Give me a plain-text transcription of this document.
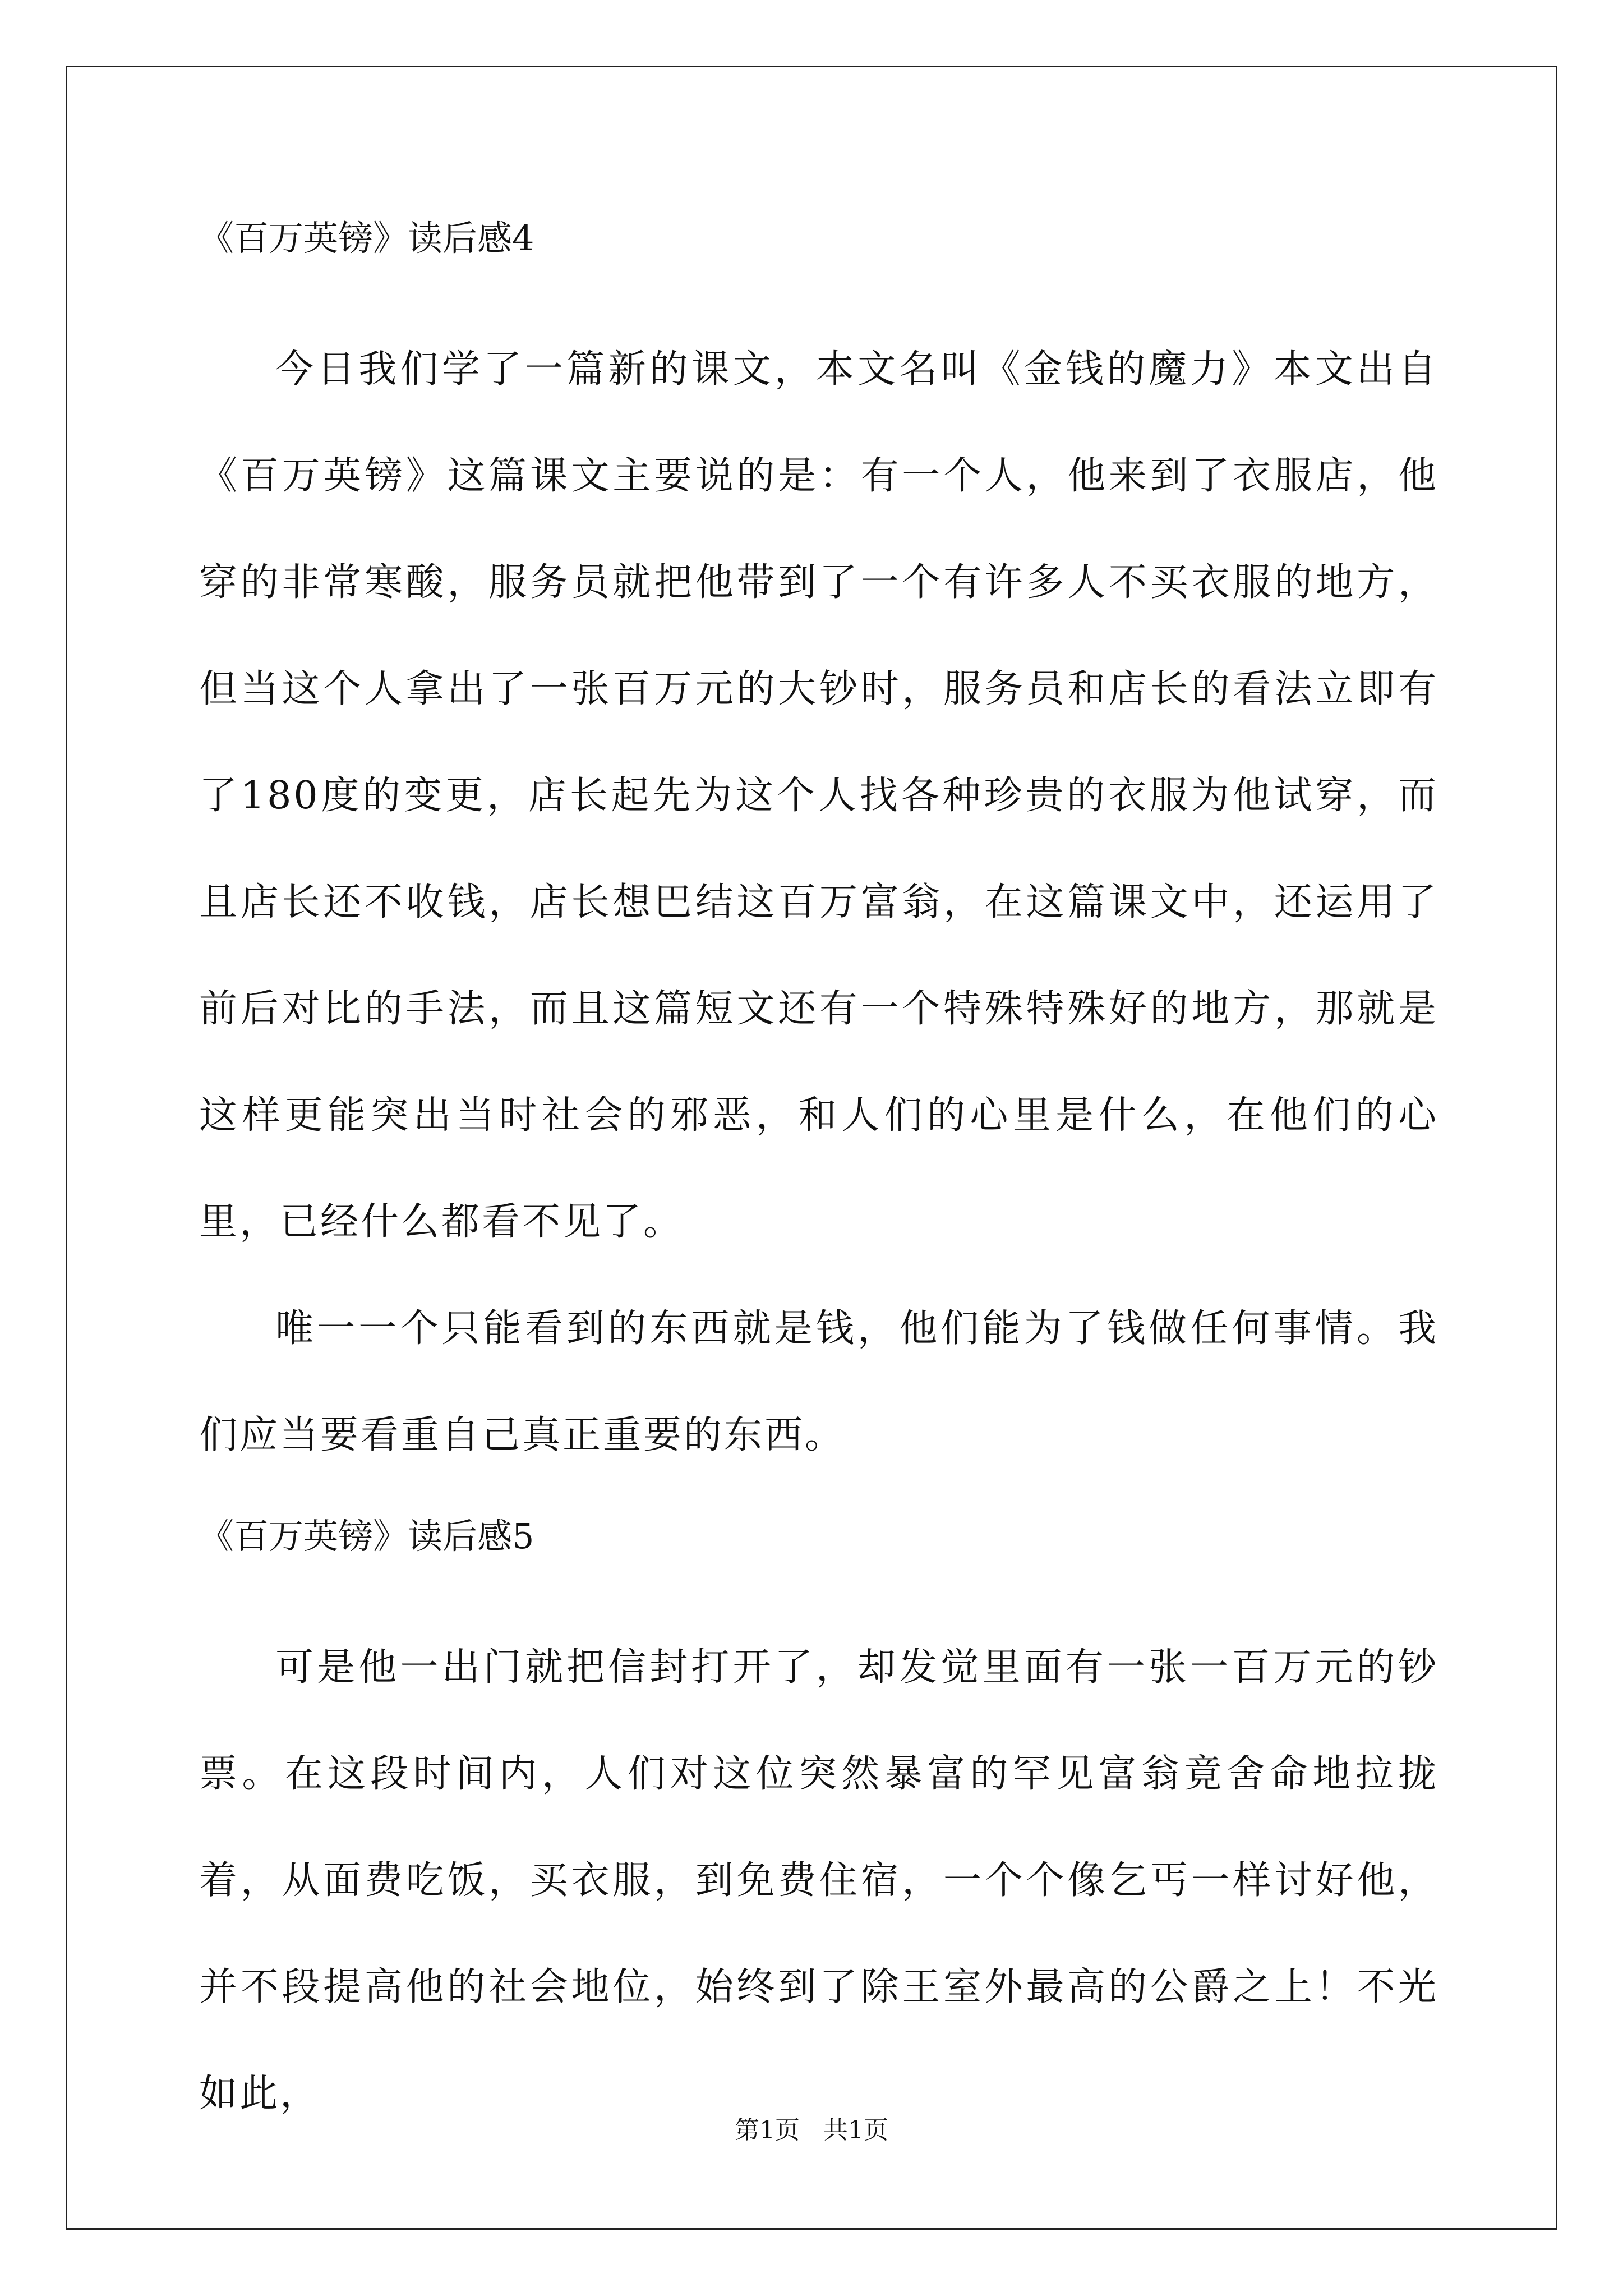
《百万英镑》读后感4

今日我们学了一篇新的课文，本文名叫《金钱的魔力》本文出自《百万英镑》这篇课文主要说的是：有一个人，他来到了衣服店，他穿的非常寒酸，服务员就把他带到了一个有许多人不买衣服的地方，但当这个人拿出了一张百万元的大钞时，服务员和店长的看法立即有了180度的变更，店长起先为这个人找各种珍贵的衣服为他试穿，而且店长还不收钱，店长想巴结这百万富翁，在这篇课文中，还运用了前后对比的手法，而且这篇短文还有一个特殊特殊好的地方，那就是这样更能突出当时社会的邪恶，和人们的心里是什么，在他们的心里，已经什么都看不见了。

唯一一个只能看到的东西就是钱，他们能为了钱做任何事情。我们应当要看重自己真正重要的东西。

《百万英镑》读后感5

可是他一出门就把信封打开了，却发觉里面有一张一百万元的钞票。在这段时间内，人们对这位突然暴富的罕见富翁竟舍命地拉拢着，从面费吃饭，买衣服，到免费住宿，一个个像乞丐一样讨好他，并不段提高他的社会地位，始终到了除王室外最高的公爵之上！不光如此，

第1页 共1页
